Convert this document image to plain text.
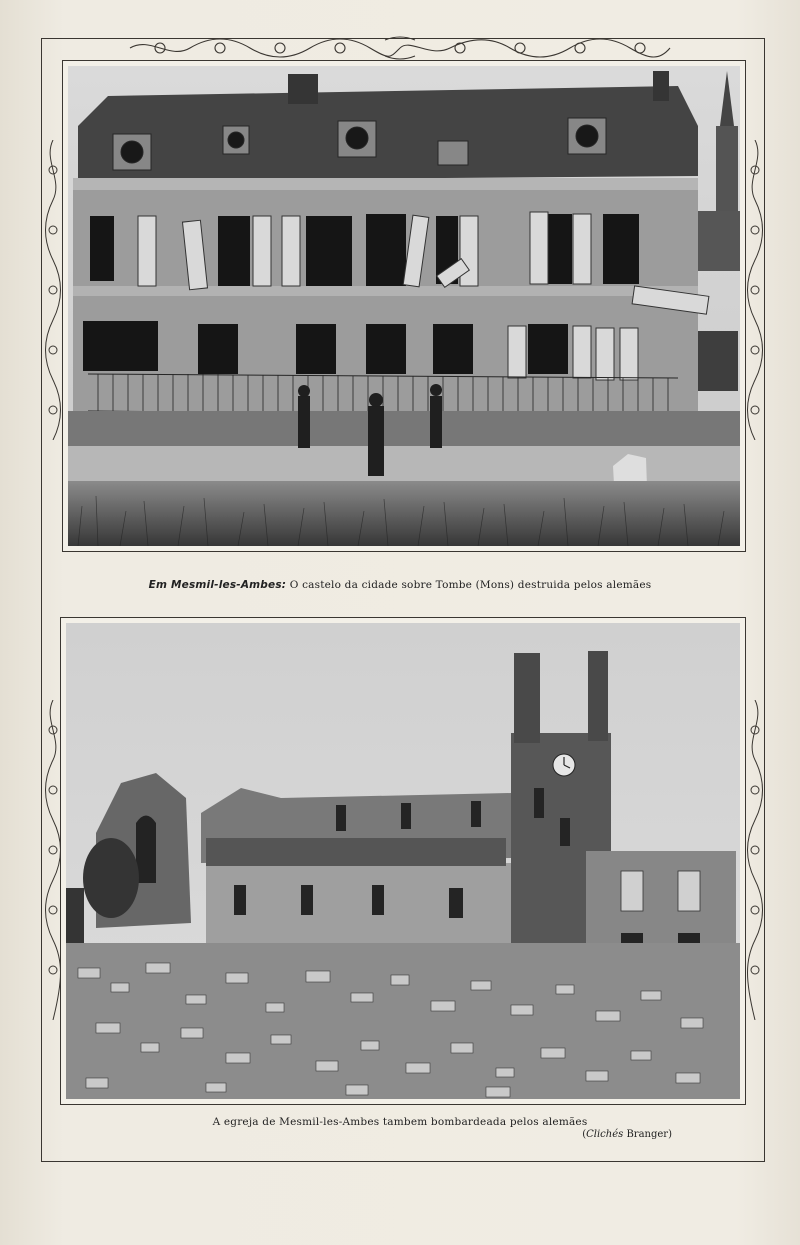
Em Mesmil-les-Ambes: O castelo da cidade sobre Tombe (Mons) destruida pelos alemães
A egreja de Mesmil-les-Ambes tambem bombardeada pelos alemães
(Clichés Branger)
